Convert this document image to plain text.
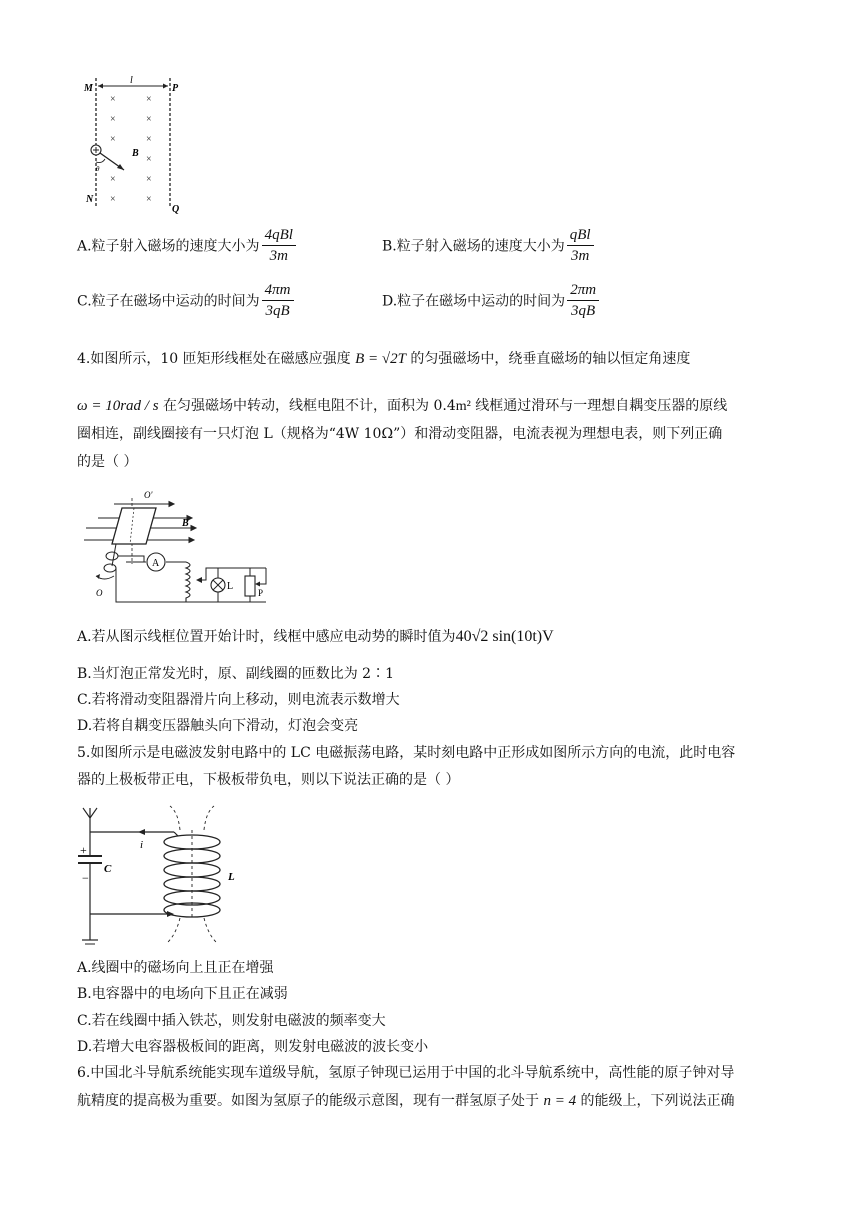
l
M	P
N
Q
×	×
×	×
×	×
×
×	×
×	×
B
θ
A.粒子射入磁场的速度大小为 $\frac{\text{4qBl}}{3m}$	B.粒子射入磁场的速度大小为 $\frac{\text{qBl}}{3m}$
C.粒子在磁场中运动的时间为 $\frac{4\pi m}{3qB}$	D.粒子在磁场中运动的时间为 $\frac{2\pi m}{3qB}$
4.如图所示，10 匝矩形线框处在磁感应强度 B = √2T 的匀强磁场中，绕垂直磁场的轴以恒定角速度
ω = 10rad / s 在匀强磁场中转动，线框电阻不计，面积为 0.4m² 线框通过滑环与一理想自耦变压器的原线
圈相连，副线圈接有一只灯泡 L（规格为“4W 10Ω”）和滑动变阻器，电流表视为理想电表，则下列正确
的是（ ）
O'
B
O
A
L
P
A.若从图示线框位置开始计时，线框中感应电动势的瞬时值为40√2 sin(10t)V
B.当灯泡正常发光时，原、副线圈的匝数比为 2∶1
C.若将滑动变阻器滑片向上移动，则电流表示数增大
D.若将自耦变压器触头向下滑动，灯泡会变亮
5.如图所示是电磁波发射电路中的 LC 电磁振荡电路，某时刻电路中正形成如图所示方向的电流，此时电容
器的上极板带正电，下极板带负电，则以下说法正确的是（ ）
i
+
C
−	L
A.线圈中的磁场向上且正在增强
B.电容器中的电场向下且正在减弱
C.若在线圈中插入铁芯，则发射电磁波的频率变大
D.若增大电容器极板间的距离，则发射电磁波的波长变小
6.中国北斗导航系统能实现车道级导航，氢原子钟现已运用于中国的北斗导航系统中，高性能的原子钟对导
航精度的提高极为重要。如图为氢原子的能级示意图，现有一群氢原子处于 n = 4 的能级上，下列说法正确
